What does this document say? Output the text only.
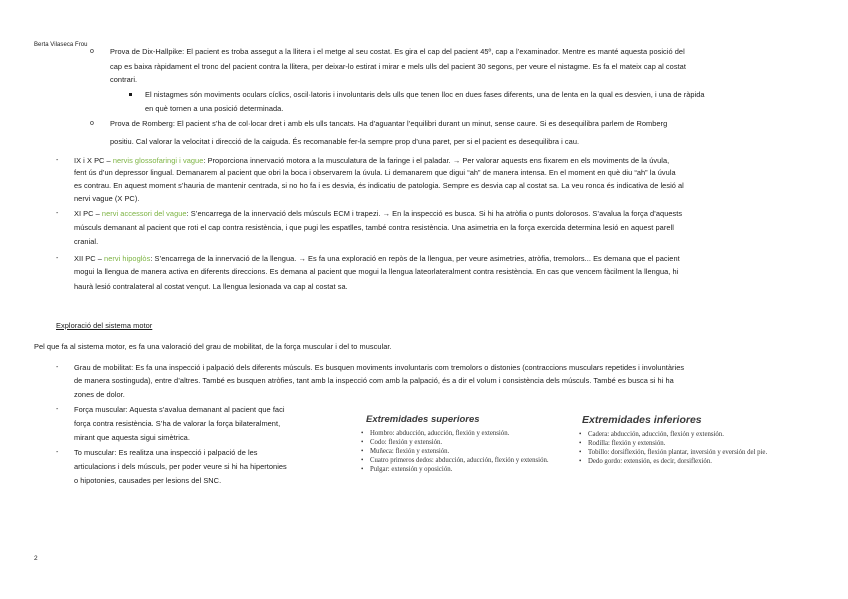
Berta Vilaseca Frou
o Prova de Dix-Hallpike: El pacient es troba assegut a la llitera i el metge al seu costat. Es gira el cap del pacient 45º, cap a l’examinador. Mentre es manté aquesta posició del
cap es baixa ràpidament el tronc del pacient contra la llitera, per deixar-lo estirat i mirar e mels ulls del pacient 30 segons, per veure el nistagme. Es fa el mateix cap al costat
contrari.
El nistagmes són moviments oculars cíclics, oscil·latoris i involuntaris dels ulls que tenen lloc en dues fases diferents, una de lenta en la qual es desvien, i una de ràpida
en què tornen a una posició determinada.
o Prova de Romberg: El pacient s’ha de col·locar dret i amb els ulls tancats. Ha d’aguantar l’equilibri durant un minut, sense caure. Si es desequilibra parlem de Romberg
positiu. Cal valorar la velocitat i direcció de la caiguda. És recomanable fer-la sempre prop d’una paret, per si el pacient es desequilibra i cau.
- IX i X PC – nervis glossofaringi i vague: Proporciona innervació motora a la musculatura de la faringe i el paladar. → Per valorar aquests ens fixarem en els moviments de la úvula,
fent ús d’un depressor lingual. Demanarem al pacient que obri la boca i observarem la úvula. Li demanarem que digui “ah” de manera intensa. En el moment en què diu “ah” la úvula
es contrau. En aquest moment s’hauria de mantenir centrada, si no ho fa i es desvia, és indicatiu de patologia. Sempre es desvia cap al costat sa. La veu ronca és indicativa de lesió al
nervi vague (X PC).
- XI PC – nervi accessori del vague: S’encarrega de la innervació dels músculs ECM i trapezi. → En la inspecció es busca. Si hi ha atròfia o punts dolorosos. S’avalua la força d’aquests
músculs demanant al pacient que roti el cap contra resistència, i que pugi les espatlles, també contra resistència. Una asimetria en la força exercida determina lesió en aquest parell
cranial.
- XII PC – nervi hipoglòs: S’encarrega de la innervació de la llengua. → Es fa una exploració en repòs de la llengua, per veure asimetries, atròfia, tremolors... Es demana que el pacient
mogui la llengua de manera activa en diferents direccions. Es demana al pacient que mogui la llengua lateorlateralment contra resistència. En cas que vencem fàcilment la llengua, hi
haurà lesió contralateral al costat vençut. La llengua lesionada va cap al costat sa.
Exploració del sistema motor
Pel que fa al sistema motor, es fa una valoració del grau de mobilitat, de la força muscular i del to muscular.
- Grau de mobilitat: Es fa una inspecció i palpació dels diferents músculs. Es busquen moviments involuntaris com tremolors o distonies (contraccions musculars repetides i involuntàries
de manera sostinguda), entre d’altres. També es busquen atròfies, tant amb la inspecció com amb la palpació, és a dir el volum i consistència dels músculs. També es busca si hi ha
zones de dolor.
- Força muscular: Aquesta s’avalua demanant al pacient que faci
força contra resistència. S’ha de valorar la força bilateralment,
mirant que aquesta sigui simètrica.
- To muscular: Es realitza una inspecció i palpació de les
articulacions i dels músculs, per poder veure si hi ha hipertonies
o hipotonies, causades per lesions del SNC.
Extremidades superiores
• Hombro: abducción, aducción, flexión y extensión.
• Codo: flexión y extensión.
• Muñeca: flexión y extensión.
• Cuatro primeros dedos: abducción, aducción, flexión y extensión.
• Pulgar: extensión y oposición.
Extremidades inferiores
• Cadera: abducción, aducción, flexión y extensión.
• Rodilla: flexión y extensión.
• Tobillo: dorsiflexión, flexión plantar, inversión y eversión del pie.
• Dedo gordo: extensión, es decir, dorsiflexión.
2
